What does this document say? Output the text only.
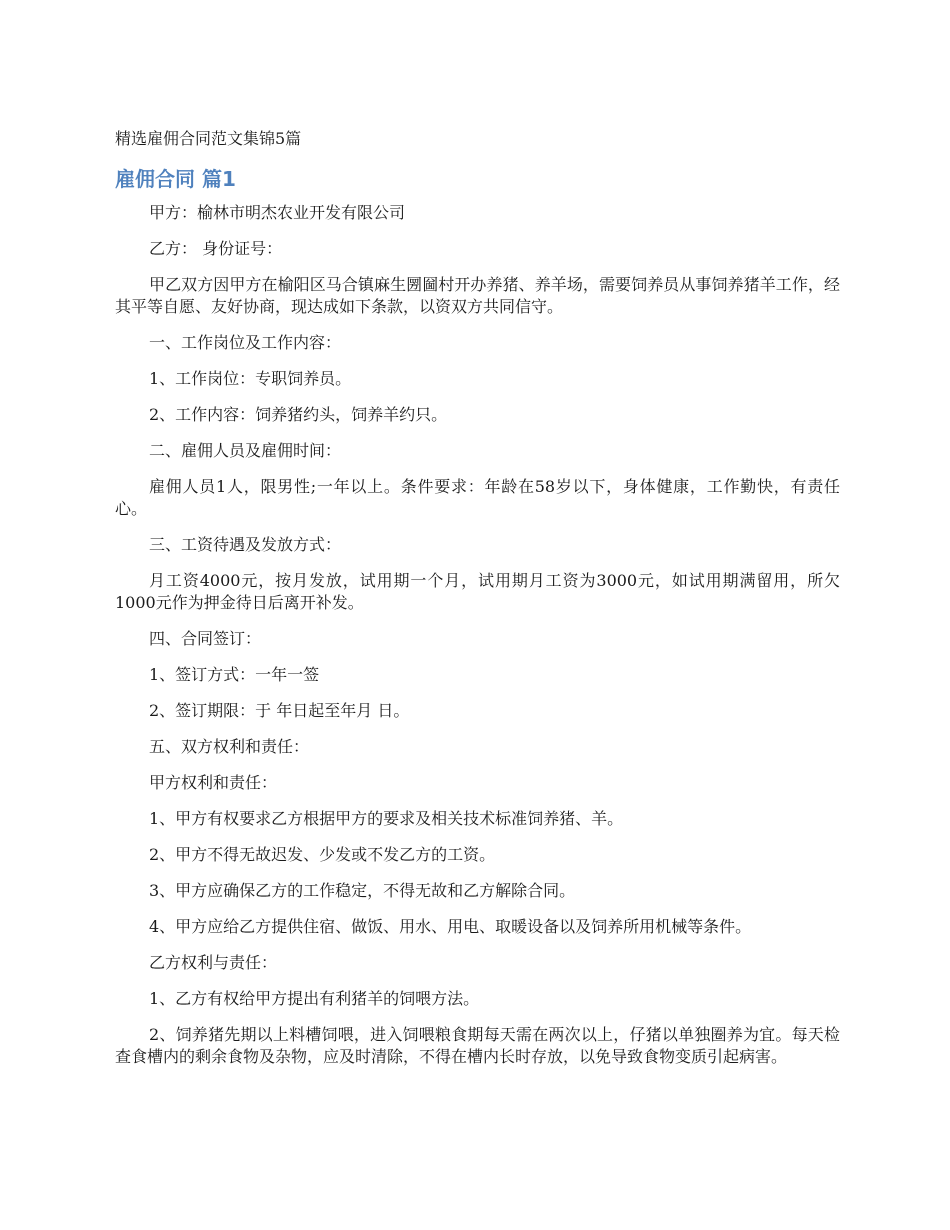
精选雇佣合同范文集锦5篇

雇佣合同 篇1

甲方：榆林市明杰农业开发有限公司

乙方： 身份证号：

甲乙双方因甲方在榆阳区马合镇麻生圐圙村开办养猪、养羊场，需要饲养员从事饲养猪羊工作，经其平等自愿、友好协商，现达成如下条款，以资双方共同信守。

一、工作岗位及工作内容：

1、工作岗位：专职饲养员。

2、工作内容：饲养猪约头，饲养羊约只。

二、雇佣人员及雇佣时间：

雇佣人员1人，限男性;一年以上。条件要求：年龄在58岁以下，身体健康，工作勤快，有责任心。

三、工资待遇及发放方式：

月工资4000元，按月发放，试用期一个月，试用期月工资为3000元，如试用期满留用，所欠1000元作为押金待日后离开补发。

四、合同签订：

1、签订方式：一年一签

2、签订期限：于 年日起至年月 日。

五、双方权利和责任：

甲方权利和责任：

1、甲方有权要求乙方根据甲方的要求及相关技术标准饲养猪、羊。

2、甲方不得无故迟发、少发或不发乙方的工资。

3、甲方应确保乙方的工作稳定，不得无故和乙方解除合同。

4、甲方应给乙方提供住宿、做饭、用水、用电、取暖设备以及饲养所用机械等条件。

乙方权利与责任：

1、乙方有权给甲方提出有利猪羊的饲喂方法。

2、饲养猪先期以上料槽饲喂，进入饲喂粮食期每天需在两次以上，仔猪以单独圈养为宜。每天检查食槽内的剩余食物及杂物，应及时清除，不得在槽内长时存放，以免导致食物变质引起病害。
